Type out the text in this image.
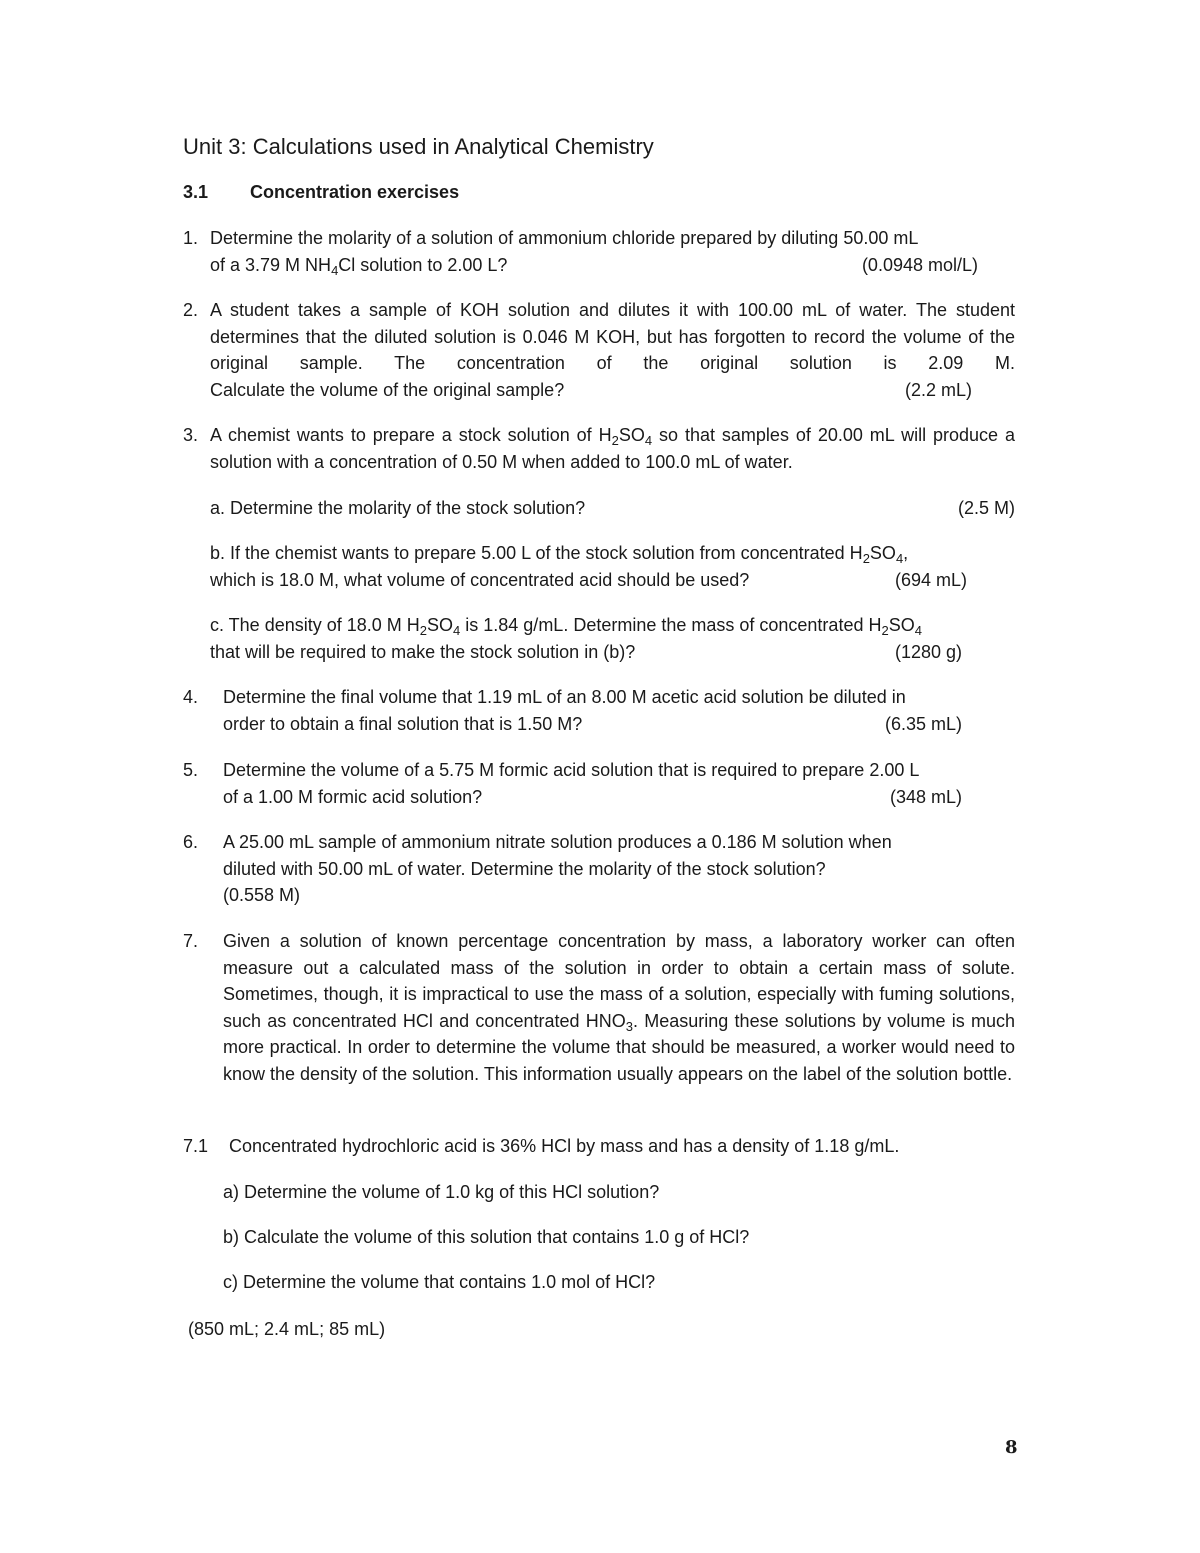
Unit 3: Calculations used in Analytical Chemistry
3.1 Concentration exercises
1. Determine the molarity of a solution of ammonium chloride prepared by diluting 50.00 mL
of a 3.79 M $NH_4Cl$ solution to 2.00 L?	(0.0948 mol/L)
2. A student takes a sample of KOH solution and dilutes it with 100.00 mL of water. The student determines that the diluted solution is 0.046 M KOH, but has forgotten to record the volume of the original sample. The concentration of the original solution is 2.09 M.
Calculate the volume of the original sample?	(2.2 mL)
3. A chemist wants to prepare a stock solution of $H_2SO_4$ so that samples of 20.00 mL will produce a solution with a concentration of 0.50 M when added to 100.0 mL of water.
a. Determine the molarity of the stock solution?	(2.5 M)
b. If the chemist wants to prepare 5.00 L of the stock solution from concentrated $H_2SO_4$,
which is 18.0 M, what volume of concentrated acid should be used?	(694 mL)
c. The density of 18.0 M $H_2SO_4$ is 1.84 g/mL. Determine the mass of concentrated $H_2SO_4$
that will be required to make the stock solution in (b)?	(1280 g)
4. Determine the final volume that 1.19 mL of an 8.00 M acetic acid solution be diluted in
order to obtain a final solution that is 1.50 M?	(6.35 mL)
5. Determine the volume of a 5.75 M formic acid solution that is required to prepare 2.00 L
of a 1.00 M formic acid solution?	(348 mL)
6. A 25.00 mL sample of ammonium nitrate solution produces a 0.186 M solution when
diluted with 50.00 mL of water. Determine the molarity of the stock solution?
(0.558 M)
7. Given a solution of known percentage concentration by mass, a laboratory worker can often measure out a calculated mass of the solution in order to obtain a certain mass of solute. Sometimes, though, it is impractical to use the mass of a solution, especially with fuming solutions, such as concentrated HCl and concentrated $HNO_3$. Measuring these solutions by volume is much more practical. In order to determine the volume that should be measured, a worker would need to know the density of the solution. This information usually appears on the label of the solution bottle.
7.1 Concentrated hydrochloric acid is 36% HCl by mass and has a density of 1.18 g/mL.
a) Determine the volume of 1.0 kg of this HCl solution?
b) Calculate the volume of this solution that contains 1.0 g of HCl?
c) Determine the volume that contains 1.0 mol of HCl?
(850 mL; 2.4 mL; 85 mL)
8
